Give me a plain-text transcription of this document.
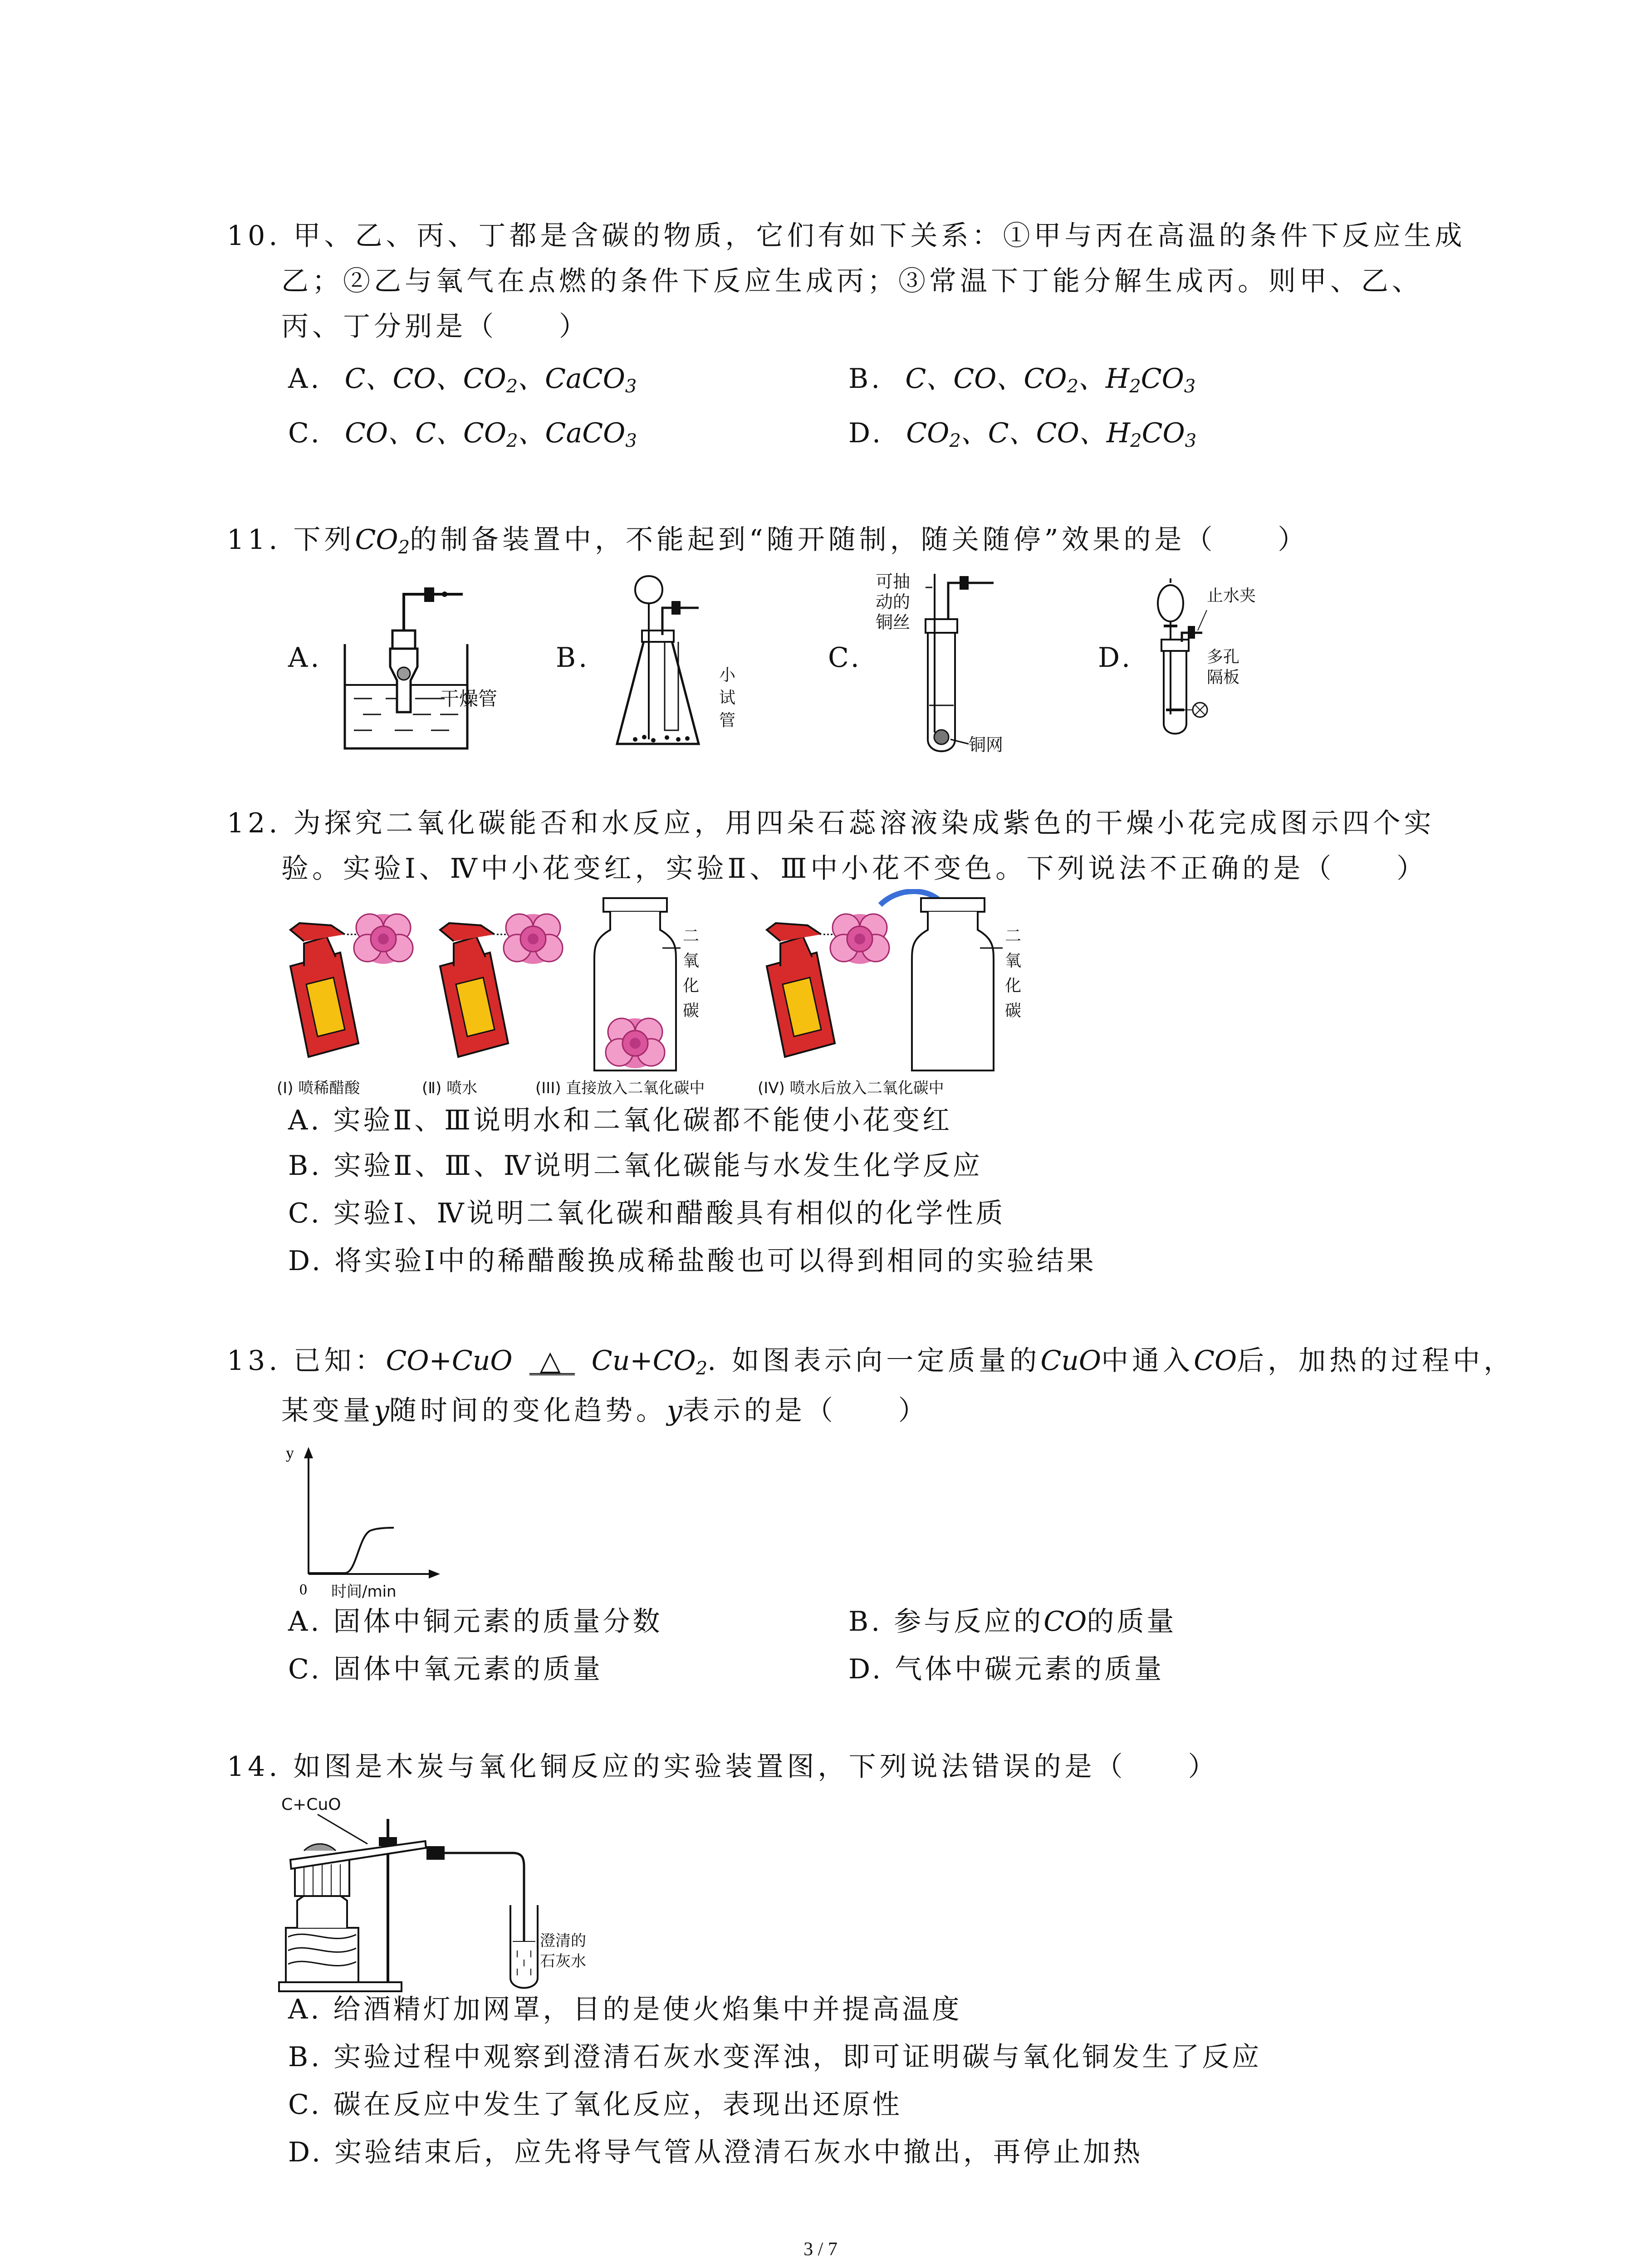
10. 甲、乙、丙、丁都是含碳的物质，它们有如下关系：①甲与丙在高温的条件下反应生成
乙；②乙与氧气在点燃的条件下反应生成丙；③常温下丁能分解生成丙。则甲、乙、
丙、丁分别是（　　）
A. C、CO、$CO_2$、CaCO$_3$	B. C、CO、$CO_2$、$H_2CO_3$
C. CO、C、$CO_2$、CaCO$_3$	D. $CO_2$、C、CO、$H_2CO_3$
11. 下列$CO_2$的制备装置中，不能起到“随开随制，随关随停”效果的是（　　）
A.	B.	C.	D.
干燥管
小
试
管
可抽
动的
铜丝
铜网
止水夹
多孔
隔板
12. 为探究二氧化碳能否和水反应，用四朵石蕊溶液染成紫色的干燥小花完成图示四个实
验。实验Ⅰ、Ⅳ中小花变红，实验Ⅱ、Ⅲ中小花不变色。下列说法不正确的是（　　）
二
氧
化
碳
二
氧
化
碳
(I) 喷稀醋酸	(Ⅱ) 喷水	(III) 直接放入二氧化碳中	(IV) 喷水后放入二氧化碳中
A. 实验Ⅱ、Ⅲ说明水和二氧化碳都不能使小花变红
B. 实验Ⅱ、Ⅲ、Ⅳ说明二氧化碳能与水发生化学反应
C. 实验Ⅰ、Ⅳ说明二氧化碳和醋酸具有相似的化学性质
D. 将实验Ⅰ中的稀醋酸换成稀盐酸也可以得到相同的实验结果
13. 已知：CO+CuO △ $Cu+CO_2$. 如图表示向一定质量的CuO中通入CO后，加热的过程中，
某变量y随时间的变化趋势。y表示的是（　　）
y
0 时间/min
A. 固体中铜元素的质量分数	B. 参与反应的CO的质量
C. 固体中氧元素的质量	D. 气体中碳元素的质量
14. 如图是木炭与氧化铜反应的实验装置图，下列说法错误的是（　　）
C+CuO
澄清的
石灰水
A. 给酒精灯加网罩，目的是使火焰集中并提高温度
B. 实验过程中观察到澄清石灰水变浑浊，即可证明碳与氧化铜发生了反应
C. 碳在反应中发生了氧化反应，表现出还原性
D. 实验结束后，应先将导气管从澄清石灰水中撤出，再停止加热
3 / 7
